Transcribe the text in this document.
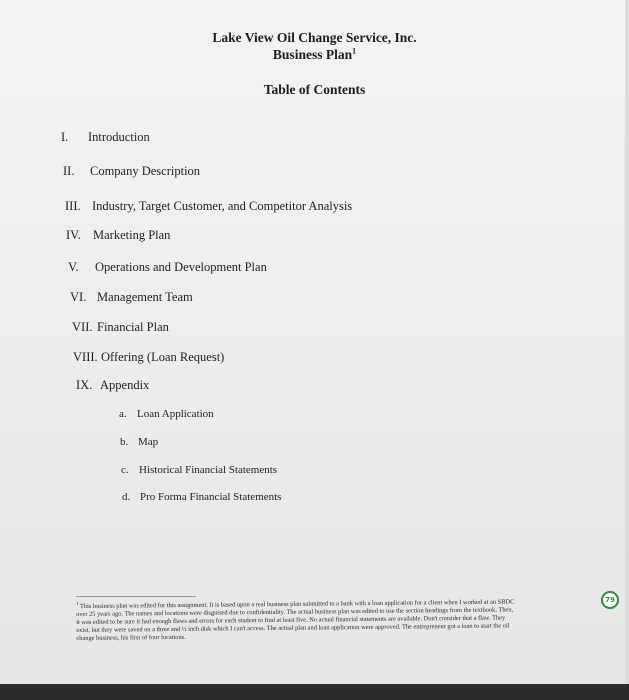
Lake View Oil Change Service, Inc.
Business Plan$^1$
Table of Contents
I. Introduction
II. Company Description
III. Industry, Target Customer, and Competitor Analysis
IV. Marketing Plan
V. Operations and Development Plan
VI. Management Team
VII. Financial Plan
VIII. Offering (Loan Request)
IX. Appendix
a. Loan Application
b. Map
c. Historical Financial Statements
d. Pro Forma Financial Statements
$^1$ This business plan was edited for this assignment. It is based upon a real business plan submitted to a bank with a loan application for a client when I worked at an SBDC over 25 years ago. The names and locations were disguised due to confidentiality. The actual business plan was edited to use the section headings from the textbook. Then, it was edited to be sure it had enough flaws and errors for each student to find at least five. No actual financial statements are available. Don't consider that a flaw. They exist, but they were saved on a three and ½ inch disk which I can't access. The actual plan and loan application were approved. The entrepreneur got a loan to start the oil change business, his first of four locations.
79
